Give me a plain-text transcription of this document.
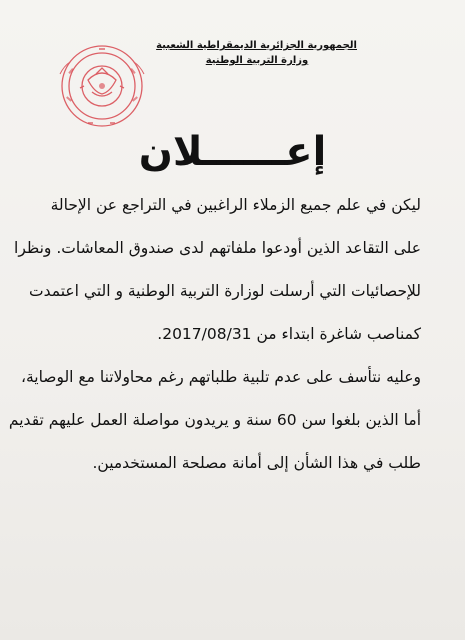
الجمهورية الجزائرية الديمقراطية الشعبية
وزارة التربية الوطنية
إعــــــلان
ليكن في علم جميع الزملاء الراغبين في التراجع عن الإحالة
على التقاعد الذين أودعوا ملفاتهم لدى صندوق المعاشات. ونظرا
للإحصائيات التي أرسلت لوزارة التربية الوطنية و التي اعتمدت
كمناصب شاغرة ابتداء من 2017/08/31.
وعليه نتأسف على عدم تلبية طلباتهم رغم محاولاتنا مع الوصاية،
أما الذين بلغوا سن 60 سنة و يريدون مواصلة العمل عليهم تقديم
طلب في هذا الشأن إلى أمانة مصلحة المستخدمين.
